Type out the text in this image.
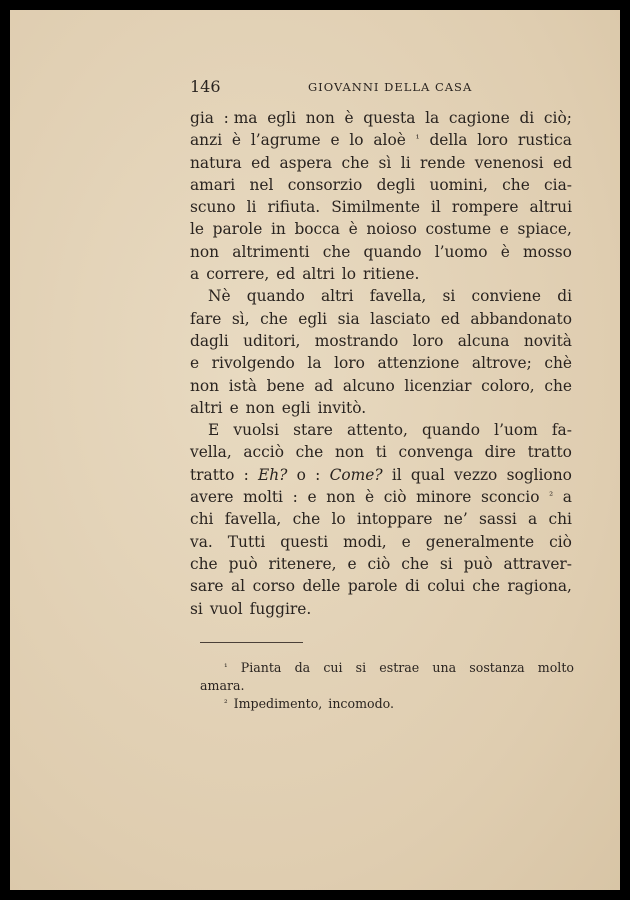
146	GIOVANNI DELLA CASA
gia : ma egli non è questa la cagione di ciò;
anzi è l’agrume e lo aloè ¹ della loro rustica
natura ed aspera che sì li rende venenosi ed
amari nel consorzio degli uomini, che cia-
scuno li rifiuta. Similmente il rompere altrui
le parole in bocca è noioso costume e spiace,
non altrimenti che quando l’uomo è mosso
a correre, ed altri lo ritiene.
Nè quando altri favella, si conviene di
fare sì, che egli sia lasciato ed abbandonato
dagli uditori, mostrando loro alcuna novità
e rivolgendo la loro attenzione altrove; chè
non istà bene ad alcuno licenziar coloro, che
altri e non egli invitò.
E vuolsi stare attento, quando l’uom fa-
vella, acciò che non ti convenga dire tratto
tratto : Eh? o : Come? il qual vezzo sogliono
avere molti : e non è ciò minore sconcio ² a
chi favella, che lo intoppare ne’ sassi a chi
va. Tutti questi modi, e generalmente ciò
che può ritenere, e ciò che si può attraver-
sare al corso delle parole di colui che ragiona,
si vuol fuggire.
¹ Pianta da cui si estrae una sostanza molto
amara.
² Impedimento, incomodo.
